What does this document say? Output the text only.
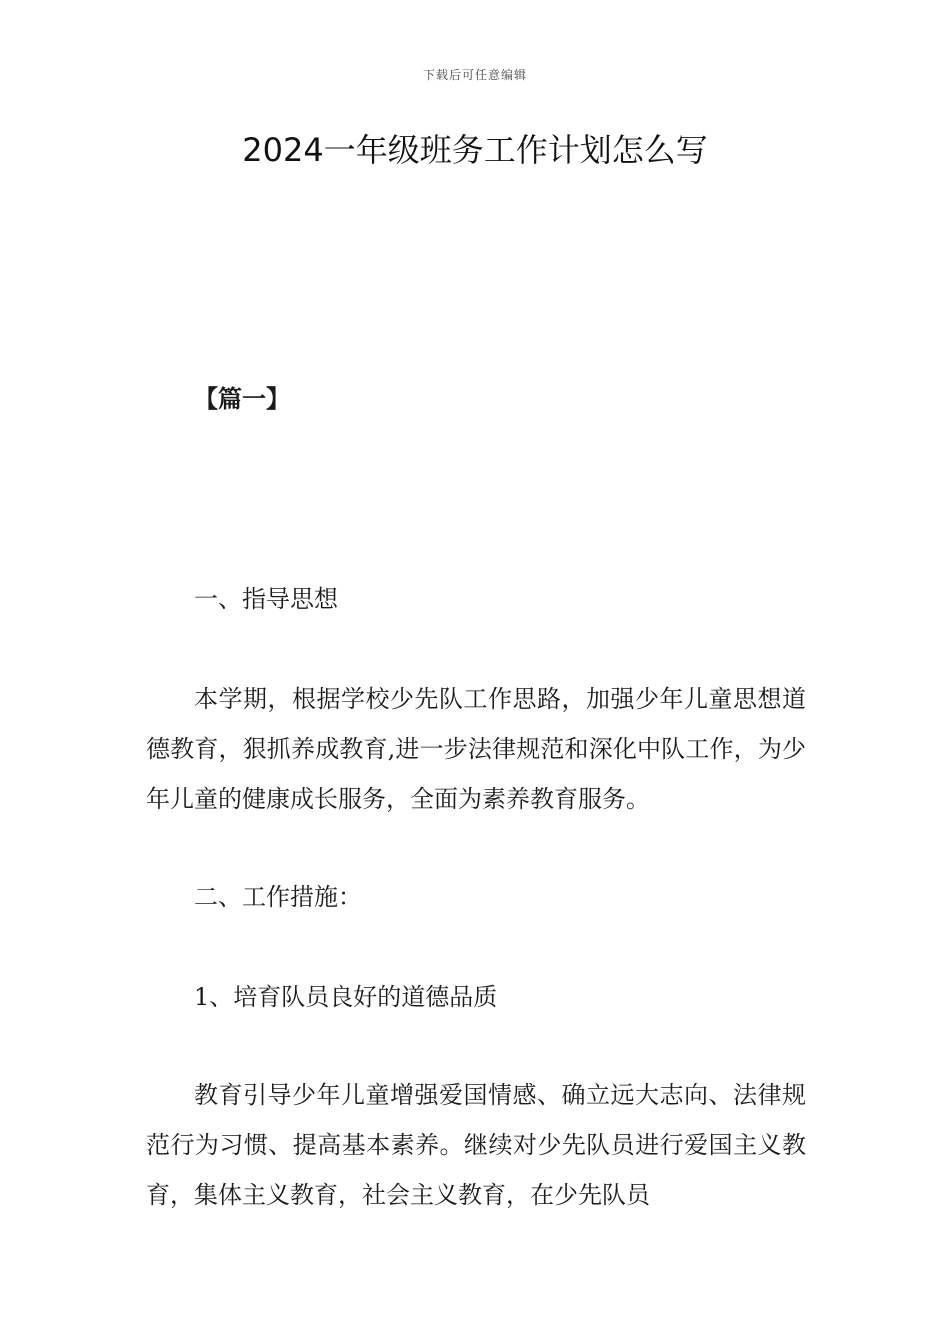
下载后可任意编辑
2024一年级班务工作计划怎么写

【篇一】

一、指导思想

本学期，根据学校少先队工作思路，加强少年儿童思想道德教育，狠抓养成教育,进一步法律规范和深化中队工作，为少年儿童的健康成长服务，全面为素养教育服务。

二、工作措施：

1、培育队员良好的道德品质

教育引导少年儿童增强爱国情感、确立远大志向、法律规范行为习惯、提高基本素养。继续对少先队员进行爱国主义教育，集体主义教育，社会主义教育，在少先队员
